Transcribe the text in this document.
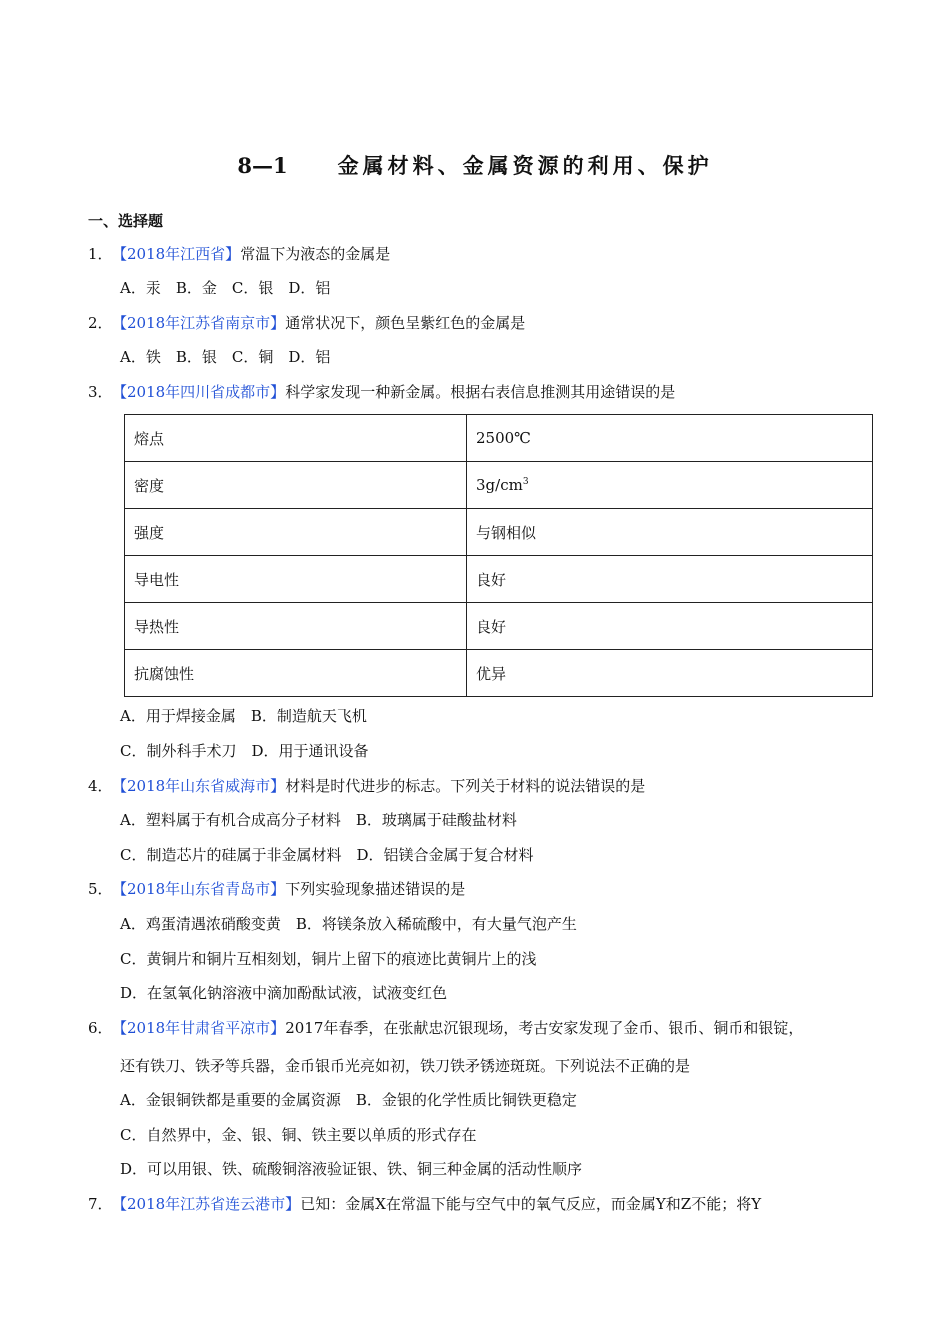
8—1 金属材料、金属资源的利用、保护
一、选择题
1．【2018年江西省】常温下为液态的金属是
A．汞　B．金　C．银　D．铝
2．【2018年江苏省南京市】通常状况下，颜色呈紫红色的金属是
A．铁　B．银　C．铜　D．铝
3．【2018年四川省成都市】科学家发现一种新金属。根据右表信息推测其用途错误的是
熔点	2500℃
密度	$3g/cm^3$
强度	与钢相似
导电性	良好
导热性	良好
抗腐蚀性	优异
A．用于焊接金属　B．制造航天飞机
C．制外科手术刀　D．用于通讯设备
4．【2018年山东省威海市】材料是时代进步的标志。下列关于材料的说法错误的是
A．塑料属于有机合成高分子材料　B．玻璃属于硅酸盐材料
C．制造芯片的硅属于非金属材料　D．铝镁合金属于复合材料
5．【2018年山东省青岛市】下列实验现象描述错误的是
A．鸡蛋清遇浓硝酸变黄　B．将镁条放入稀硫酸中，有大量气泡产生
C．黄铜片和铜片互相刻划，铜片上留下的痕迹比黄铜片上的浅
D．在氢氧化钠溶液中滴加酚酞试液，试液变红色
6．【2018年甘肃省平凉市】2017年春季，在张献忠沉银现场，考古安家发现了金币、银币、铜币和银锭，
还有铁刀、铁矛等兵器，金币银币光亮如初，铁刀铁矛锈迹斑斑。下列说法不正确的是
A．金银铜铁都是重要的金属资源　B．金银的化学性质比铜铁更稳定
C．自然界中，金、银、铜、铁主要以单质的形式存在
D．可以用银、铁、硫酸铜溶液验证银、铁、铜三种金属的活动性顺序
7．【2018年江苏省连云港市】已知：金属X在常温下能与空气中的氧气反应，而金属Y和Z不能；将Y
